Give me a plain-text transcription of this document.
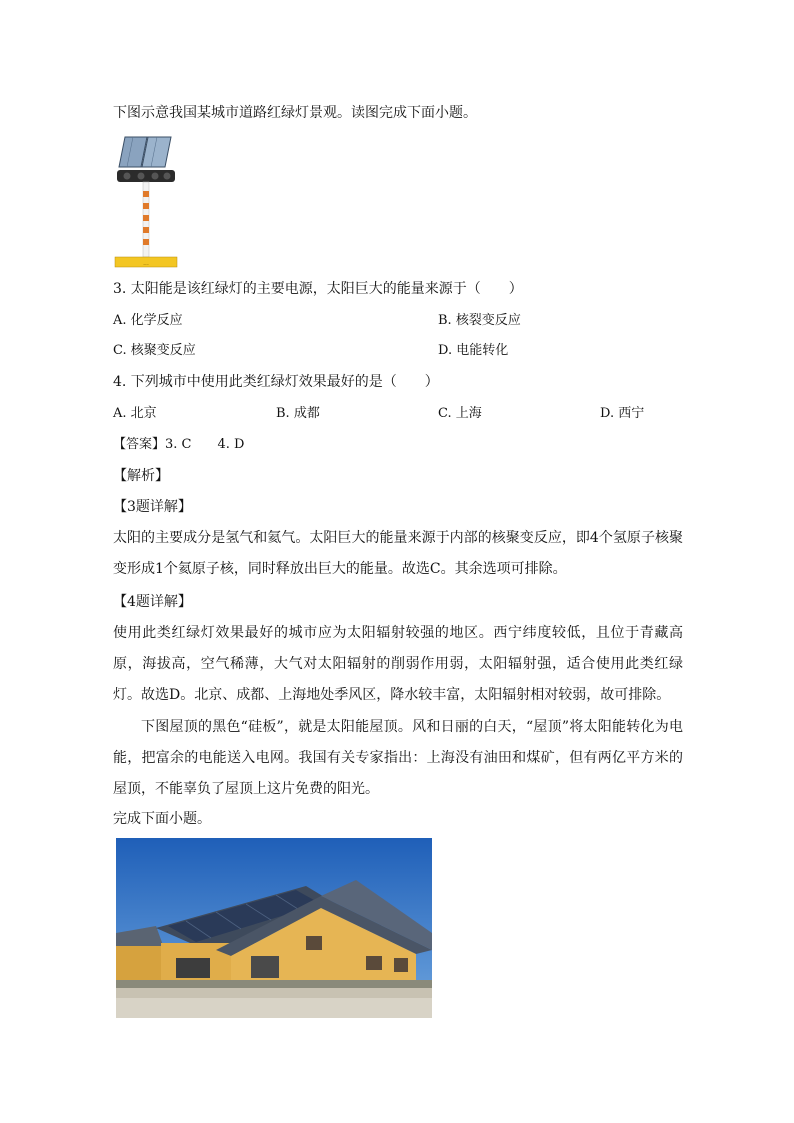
下图示意我国某城市道路红绿灯景观。读图完成下面小题。
...
3. 太阳能是该红绿灯的主要电源，太阳巨大的能量来源于（　　）
A. 化学反应	B. 核裂变反应
C. 核聚变反应	D. 电能转化
4. 下列城市中使用此类红绿灯效果最好的是（　　）
A. 北京	B. 成都	C. 上海	D. 西宁
【答案】3. C　　4. D
【解析】
【3题详解】
太阳的主要成分是氢气和氦气。太阳巨大的能量来源于内部的核聚变反应，即4个氢原子核聚变形成1个氦原子核，同时释放出巨大的能量。故选C。其余选项可排除。
【4题详解】
使用此类红绿灯效果最好的城市应为太阳辐射较强的地区。西宁纬度较低，且位于青藏高原，海拔高，空气稀薄，大气对太阳辐射的削弱作用弱，太阳辐射强，适合使用此类红绿灯。故选D。北京、成都、上海地处季风区，降水较丰富，太阳辐射相对较弱，故可排除。
下图屋顶的黑色“硅板”，就是太阳能屋顶。风和日丽的白天，“屋顶”将太阳能转化为电能，把富余的电能送入电网。我国有关专家指出：上海没有油田和煤矿，但有两亿平方米的屋顶，不能辜负了屋顶上这片免费的阳光。
完成下面小题。
